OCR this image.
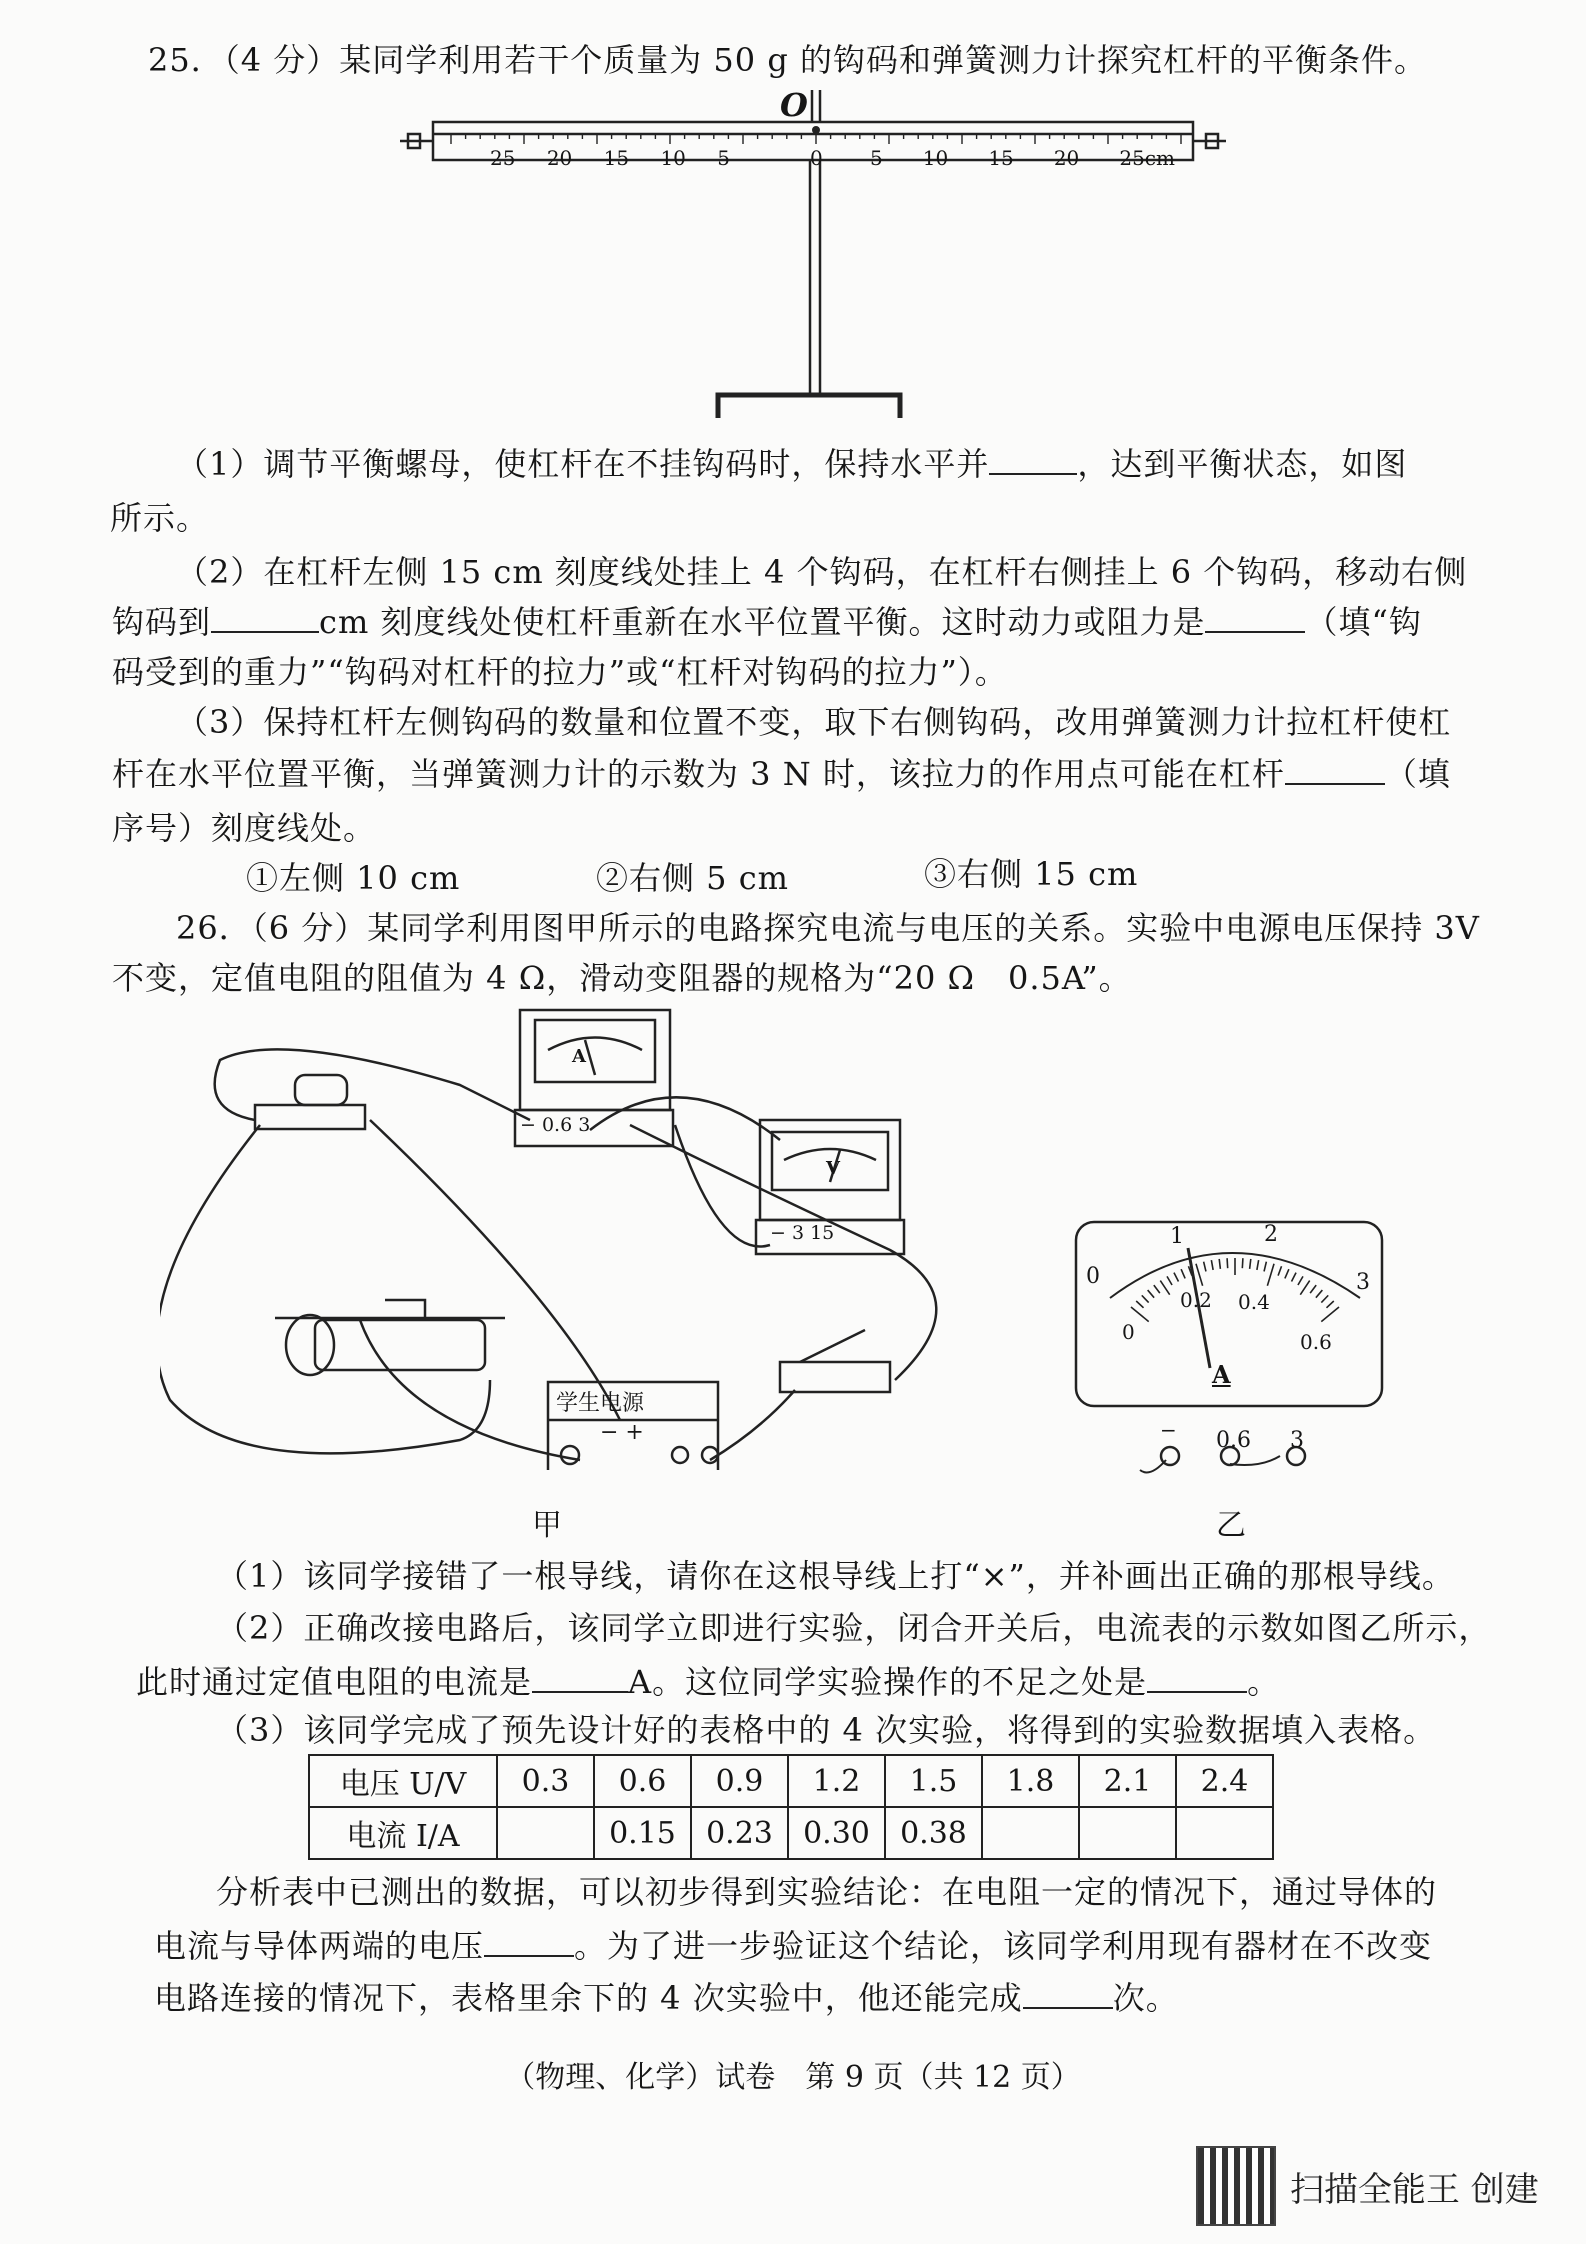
25．（4 分）某同学利用若干个质量为 50 g 的钩码和弹簧测力计探究杠杆的平衡条件。
O
25 20 15 10 5	0 5 10 15 20 25cm
（1）调节平衡螺母，使杠杆在不挂钩码时，保持水平并	，达到平衡状态，如图
所示。
（2）在杠杆左侧 15 cm 刻度线处挂上 4 个钩码，在杠杆右侧挂上 6 个钩码，移动右侧
钩码到	cm 刻度线处使杠杆重新在水平位置平衡。这时动力或阻力是	（填“钩
码受到的重力”“钩码对杠杆的拉力”或“杠杆对钩码的拉力”）。
（3）保持杠杆左侧钩码的数量和位置不变，取下右侧钩码，改用弹簧测力计拉杠杆使杠
杆在水平位置平衡，当弹簧测力计的示数为 3 N 时，该拉力的作用点可能在杠杆	（填
序号）刻度线处。
①左侧 10 cm	②右侧 5 cm	③右侧 15 cm
26．（6 分）某同学利用图甲所示的电路探究电流与电压的关系。实验中电源电压保持 3V
不变，定值电阻的阻值为 4 Ω，滑动变阻器的规格为“20 Ω　0.5A”。
A
− 0.6 3
V
− 3 15
学生电源
− +
甲
0
1	2
3
0
0.2 0.4
0.6
A
− 0.6 3
乙
（1）该同学接错了一根导线，请你在这根导线上打“×”，并补画出正确的那根导线。
（2）正确改接电路后，该同学立即进行实验，闭合开关后，电流表的示数如图乙所示，
此时通过定值电阻的电流是	A。这位同学实验操作的不足之处是	。
（3）该同学完成了预先设计好的表格中的 4 次实验，将得到的实验数据填入表格。
电压 U/V	0.3	0.6	0.9	1.2	1.5	1.8	2.1	2.4
电流 I/A		0.15	0.23	0.30	0.38			
分析表中已测出的数据，可以初步得到实验结论：在电阻一定的情况下，通过导体的
电流与导体两端的电压	。为了进一步验证这个结论，该同学利用现有器材在不改变
电路连接的情况下，表格里余下的 4 次实验中，他还能完成	次。
（物理、化学）试卷　第 9 页（共 12 页）
扫描全能王 创建
